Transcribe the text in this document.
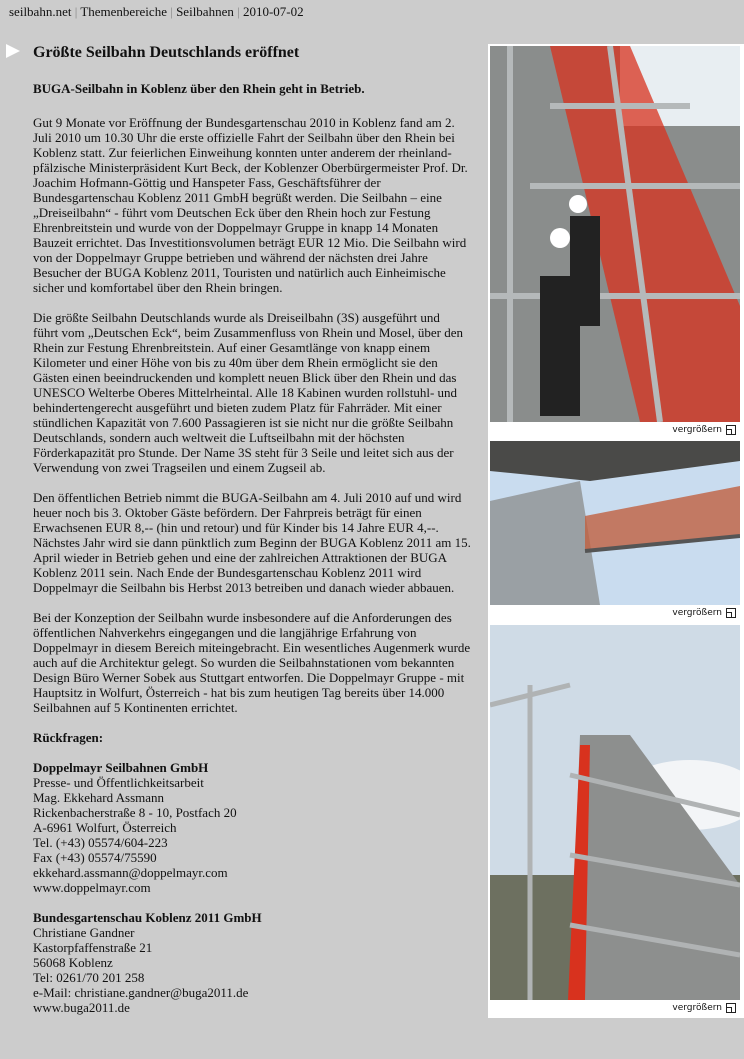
seilbahn.net | Themenbereiche | Seilbahnen | 2010-07-02
Größte Seilbahn Deutschlands eröffnet

BUGA-Seilbahn in Koblenz über den Rhein geht in Betrieb.

Gut 9 Monate vor Eröffnung der Bundesgartenschau 2010 in Koblenz fand am 2.
Juli 2010 um 10.30 Uhr die erste offizielle Fahrt der Seilbahn über den Rhein bei
Koblenz statt. Zur feierlichen Einweihung konnten unter anderem der rheinland-
pfälzische Ministerpräsident Kurt Beck, der Koblenzer Oberbürgermeister Prof. Dr.
Joachim Hofmann-Göttig und Hanspeter Fass, Geschäftsführer der
Bundesgartenschau Koblenz 2011 GmbH begrüßt werden. Die Seilbahn – eine
„Dreiseilbahn“ - führt vom Deutschen Eck über den Rhein hoch zur Festung
Ehrenbreitstein und wurde von der Doppelmayr Gruppe in knapp 14 Monaten
Bauzeit errichtet. Das Investitionsvolumen beträgt EUR 12 Mio. Die Seilbahn wird
von der Doppelmayr Gruppe betrieben und während der nächsten drei Jahre
Besucher der BUGA Koblenz 2011, Touristen und natürlich auch Einheimische
sicher und komfortabel über den Rhein bringen.
Die größte Seilbahn Deutschlands wurde als Dreiseilbahn (3S) ausgeführt und
führt vom „Deutschen Eck“, beim Zusammenfluss von Rhein und Mosel, über den
Rhein zur Festung Ehrenbreitstein. Auf einer Gesamtlänge von knapp einem
Kilometer und einer Höhe von bis zu 40m über dem Rhein ermöglicht sie den
Gästen einen beeindruckenden und komplett neuen Blick über den Rhein und das
UNESCO Welterbe Oberes Mittelrheintal. Alle 18 Kabinen wurden rollstuhl- und
behindertengerecht ausgeführt und bieten zudem Platz für Fahrräder. Mit einer
stündlichen Kapazität von 7.600 Passagieren ist sie nicht nur die größte Seilbahn
Deutschlands, sondern auch weltweit die Luftseilbahn mit der höchsten
Förderkapazität pro Stunde. Der Name 3S steht für 3 Seile und leitet sich aus der
Verwendung von zwei Tragseilen und einem Zugseil ab.
Den öffentlichen Betrieb nimmt die BUGA-Seilbahn am 4. Juli 2010 auf und wird
heuer noch bis 3. Oktober Gäste befördern. Der Fahrpreis beträgt für einen
Erwachsenen EUR 8,-- (hin und retour) und für Kinder bis 14 Jahre EUR 4,--.
Nächstes Jahr wird sie dann pünktlich zum Beginn der BUGA Koblenz 2011 am 15.
April wieder in Betrieb gehen und eine der zahlreichen Attraktionen der BUGA
Koblenz 2011 sein. Nach Ende der Bundesgartenschau Koblenz 2011 wird
Doppelmayr die Seilbahn bis Herbst 2013 betreiben und danach wieder abbauen.
Bei der Konzeption der Seilbahn wurde insbesondere auf die Anforderungen des
öffentlichen Nahverkehrs eingegangen und die langjährige Erfahrung von
Doppelmayr in diesem Bereich miteingebracht. Ein wesentliches Augenmerk wurde
auch auf die Architektur gelegt. So wurden die Seilbahnstationen vom bekannten
Design Büro Werner Sobek aus Stuttgart entworfen. Die Doppelmayr Gruppe - mit
Hauptsitz in Wolfurt, Österreich - hat bis zum heutigen Tag bereits über 14.000
Seilbahnen auf 5 Kontinenten errichtet.

Rückfragen:

Doppelmayr Seilbahnen GmbH
Presse- und Öffentlichkeitsarbeit
Mag. Ekkehard Assmann
Rickenbacherstraße 8 - 10, Postfach 20
A-6961 Wolfurt, Österreich
Tel. (+43) 05574/604-223
Fax (+43) 05574/75590
ekkehard.assmann@doppelmayr.com
www.doppelmayr.com
Bundesgartenschau Koblenz 2011 GmbH
Christiane Gandner
Kastorpfaffenstraße 21
56068 Koblenz
Tel: 0261/70 201 258
e-Mail: christiane.gandner@buga2011.de
www.buga2011.de
vergrößern
vergrößern
vergrößern
